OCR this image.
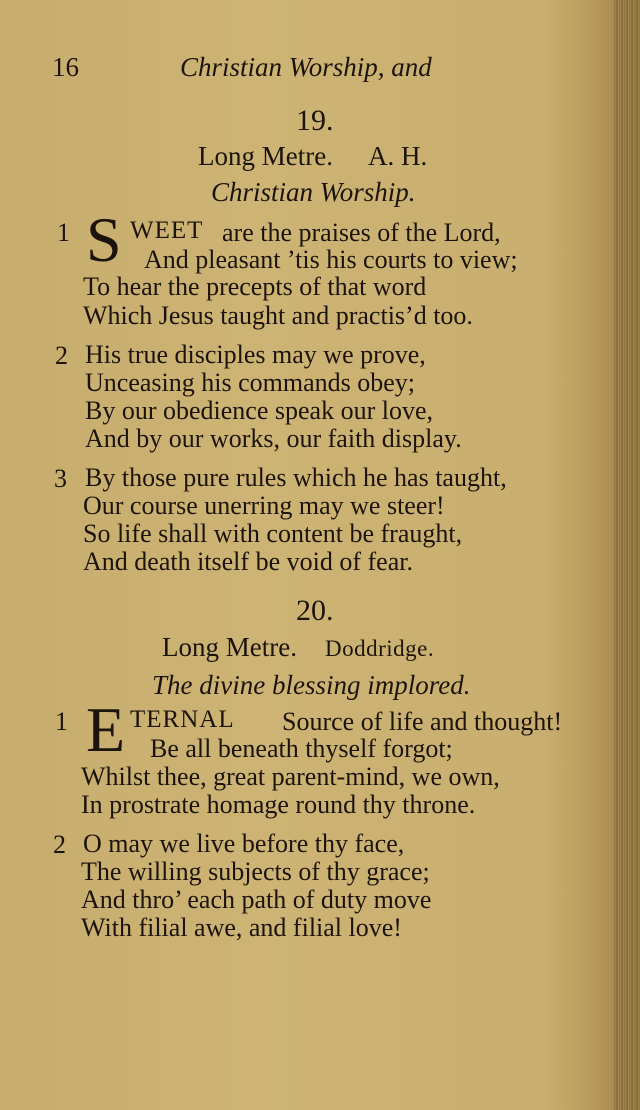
16	Christian Worship, and
19.
Long Metre. A. H.
Christian Worship.
1 S WEET are the praises of the Lord,
And pleasant ’tis his courts to view;
To hear the precepts of that word
Which Jesus taught and practis’d too.
2 His true disciples may we prove,
Unceasing his commands obey;
By our obedience speak our love,
And by our works, our faith display.
3 By those pure rules which he has taught,
Our course unerring may we steer!
So life shall with content be fraught,
And death itself be void of fear.
20.
Long Metre. Doddridge.
The divine blessing implored.
1 E TERNAL Source of life and thought!
Be all beneath thyself forgot;
Whilst thee, great parent-mind, we own,
In prostrate homage round thy throne.
2 O may we live before thy face,
The willing subjects of thy grace;
And thro’ each path of duty move
With filial awe, and filial love!
